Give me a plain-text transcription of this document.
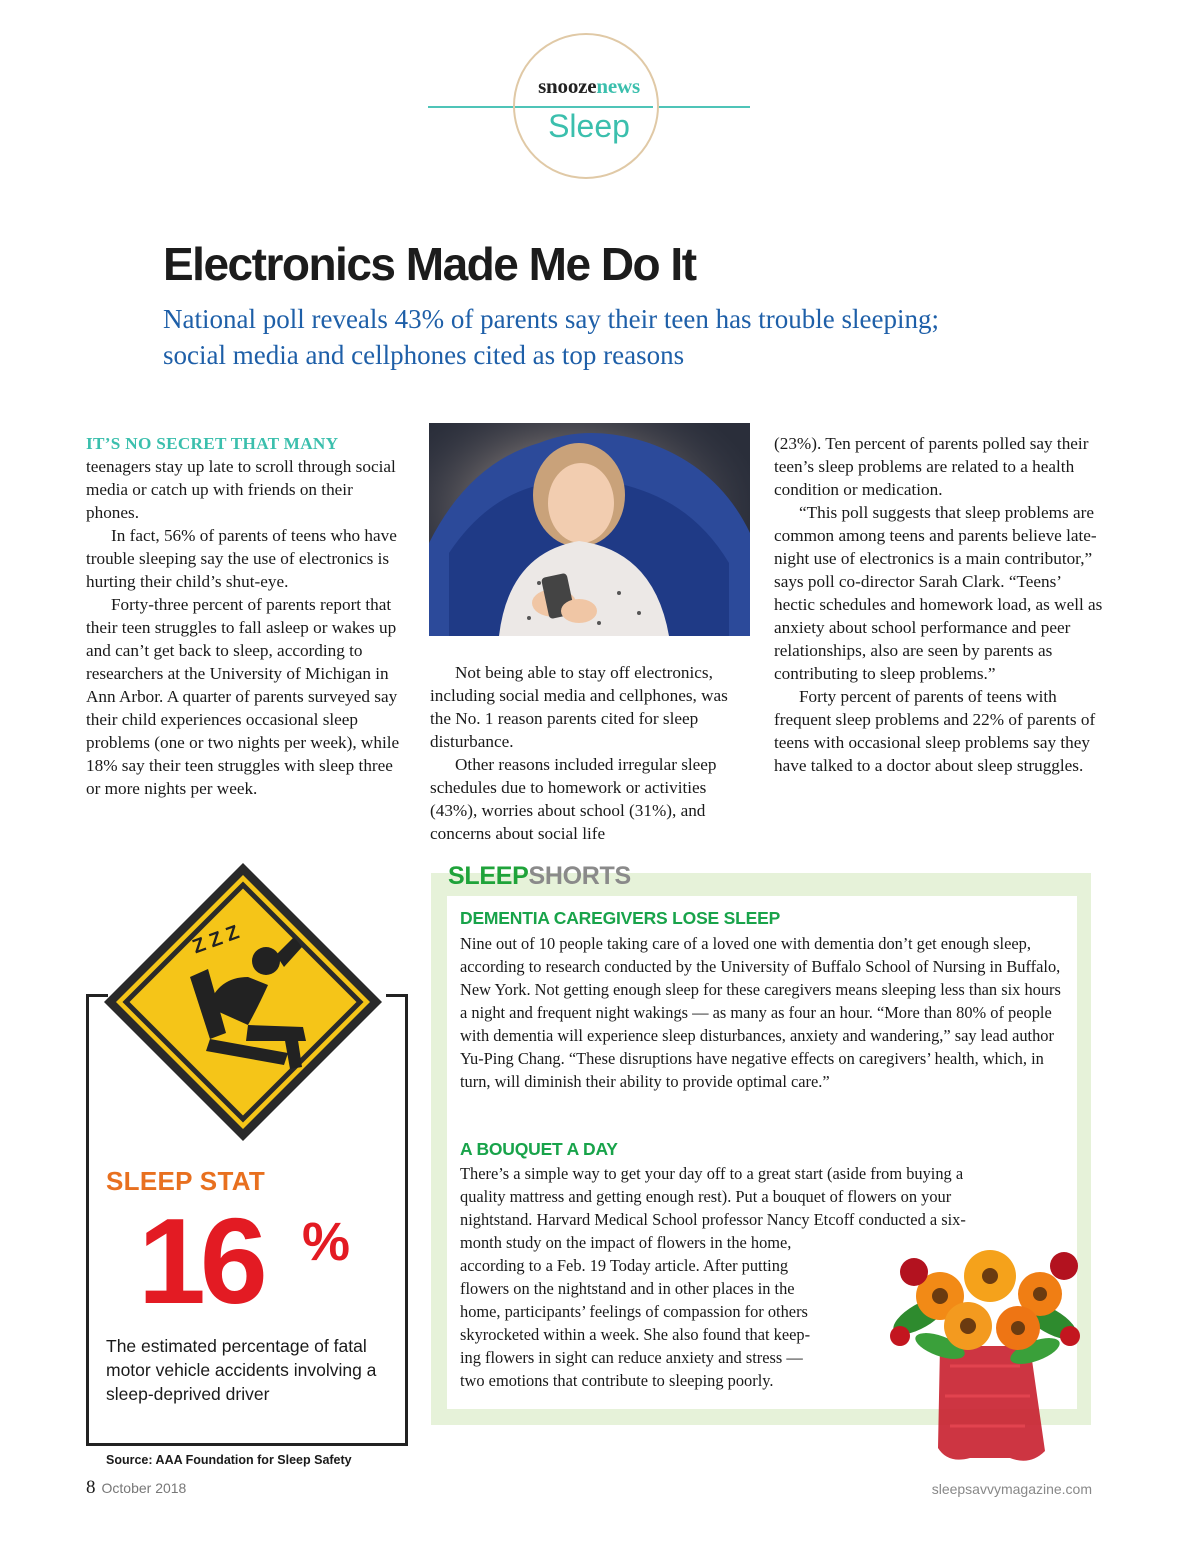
snoozenews
Sleep
Electronics Made Me Do It
National poll reveals 43% of parents say their teen has trouble sleeping; social media and cellphones cited as top reasons
IT’S NO SECRET THAT MANY

teenagers stay up late to scroll through social media or catch up with friends on their phones.

In fact, 56% of parents of teens who have trouble sleeping say the use of electronics is hurting their child’s shut-eye.

Forty-three percent of parents report that their teen struggles to fall asleep or wakes up and can’t get back to sleep, according to researchers at the University of Michigan in Ann Arbor. A quarter of parents surveyed say their child experiences occasional sleep problems (one or two nights per week), while 18% say their teen struggles with sleep three or more nights per week.

Not being able to stay off electronics, including social media and cellphones, was the No. 1 reason parents cited for sleep disturbance.

Other reasons included irregular sleep schedules due to homework or activities (43%), worries about school (31%), and concerns about social life

(23%). Ten percent of parents polled say their teen’s sleep problems are related to a health condition or medication.

“This poll suggests that sleep problems are common among teens and parents believe late-night use of electronics is a main contributor,” says poll co-director Sarah Clark. “Teens’ hectic schedules and homework load, as well as anxiety about school performance and peer relationships, also are seen by parents as contributing to sleep problems.”

Forty percent of parents of teens with frequent sleep problems and 22% of parents of teens with occasional sleep problems say they have talked to a doctor about sleep struggles.

Z Z Z
SLEEP STAT
16 %
The estimated percentage of fatal motor vehicle accidents involving a sleep-deprived driver
Source: AAA Foundation for Sleep Safety
SLEEPSHORTS
DEMENTIA CAREGIVERS LOSE SLEEP
Nine out of 10 people taking care of a loved one with dementia don’t get enough sleep, according to research conducted by the University of Buffalo School of Nursing in Buffalo, New York. Not getting enough sleep for these caregivers means sleeping less than six hours a night and frequent night wakings — as many as four an hour. “More than 80% of people with dementia will experience sleep disturbances, anxiety and wandering,” say lead author Yu-Ping Chang. “These disruptions have negative effects on caregivers’ health, which, in turn, will diminish their ability to provide optimal care.”
A BOUQUET A DAY
There’s a simple way to get your day off to a great start (aside from buying a
quality mattress and getting enough rest). Put a bouquet of flowers on your
nightstand. Harvard Medical School professor Nancy Etcoff conducted a six-
month study on the impact of flowers in the home,
according to a Feb. 19 Today article. After putting
flowers on the nightstand and in other places in the
home, participants’ feelings of compassion for others
skyrocketed within a week. She also found that keep-
ing flowers in sight can reduce anxiety and stress —
two emotions that contribute to sleeping poorly.
8 October 2018	sleepsavvymagazine.com
